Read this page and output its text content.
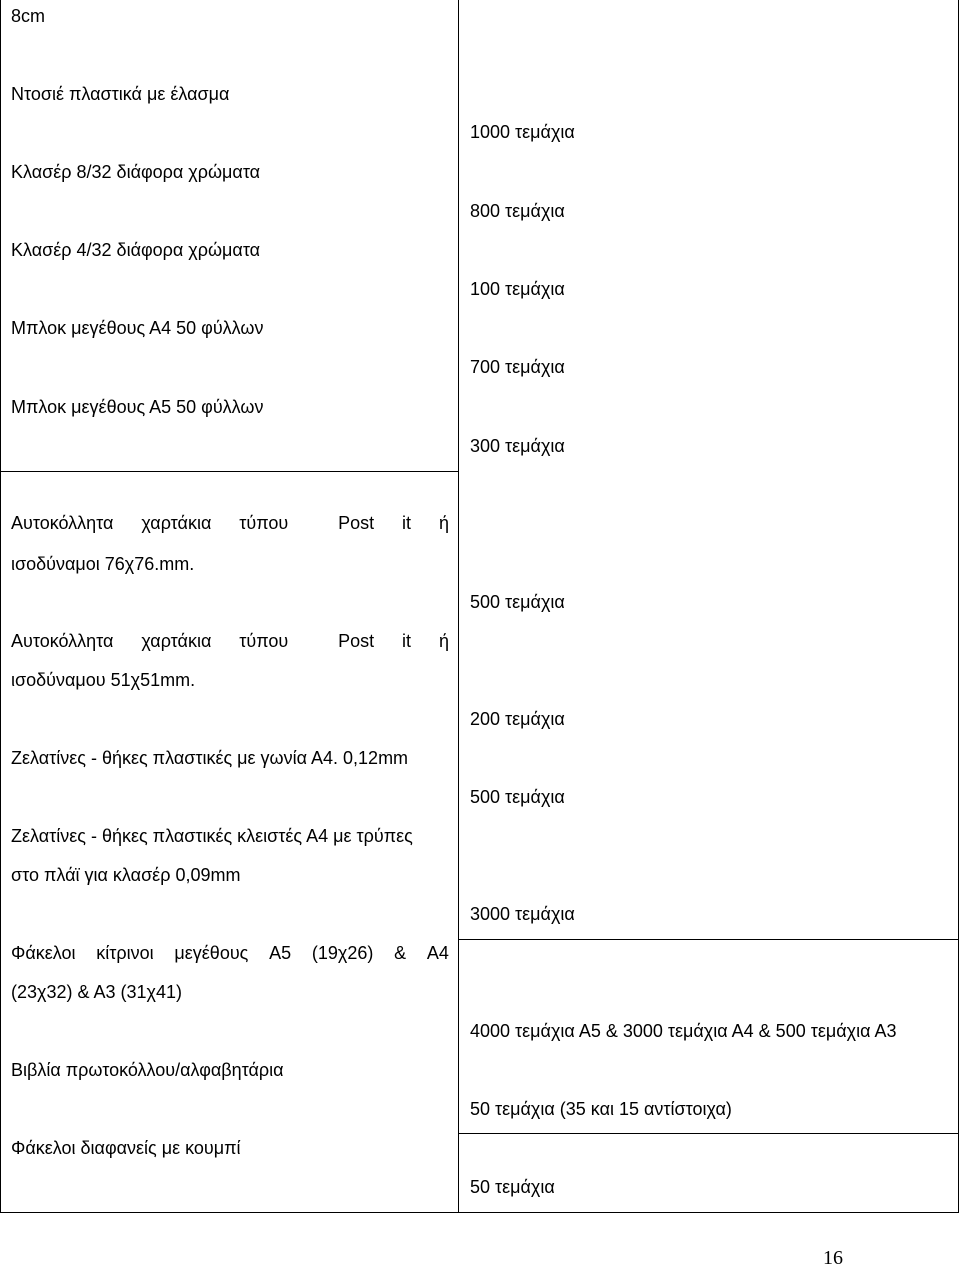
8cm
Ντοσιέ πλαστικά με έλασμα
Κλασέρ 8/32 διάφορα χρώματα
Κλασέρ 4/32 διάφορα χρώματα
Μπλοκ μεγέθους Α4 50 φύλλων
Μπλοκ μεγέθους Α5 50 φύλλων
Αυτοκόλλητα χαρτάκια τύπου	Post it ή
ισοδύναμοι 76χ76.mm.
Αυτοκόλλητα χαρτάκια τύπου	Post it ή
ισοδύναμου 51χ51mm.
Ζελατίνες - θήκες πλαστικές με γωνία Α4. 0,12mm
Ζελατίνες - θήκες πλαστικές κλειστές Α4 με τρύπες
στο πλάϊ για κλασέρ 0,09mm
Φάκελοι κίτρινοι μεγέθους Α5 (19χ26) & Α4
(23χ32) & Α3 (31χ41)
Βιβλία πρωτοκόλλου/αλφαβητάρια
Φάκελοι διαφανείς με κουμπί
1000 τεμάχια
800 τεμάχια
100 τεμάχια
700 τεμάχια
300 τεμάχια
500 τεμάχια
200 τεμάχια
500 τεμάχια
3000 τεμάχια
4000 τεμάχια Α5 & 3000 τεμάχια Α4 & 500 τεμάχια Α3
50 τεμάχια (35 και 15 αντίστοιχα)
50 τεμάχια
16
